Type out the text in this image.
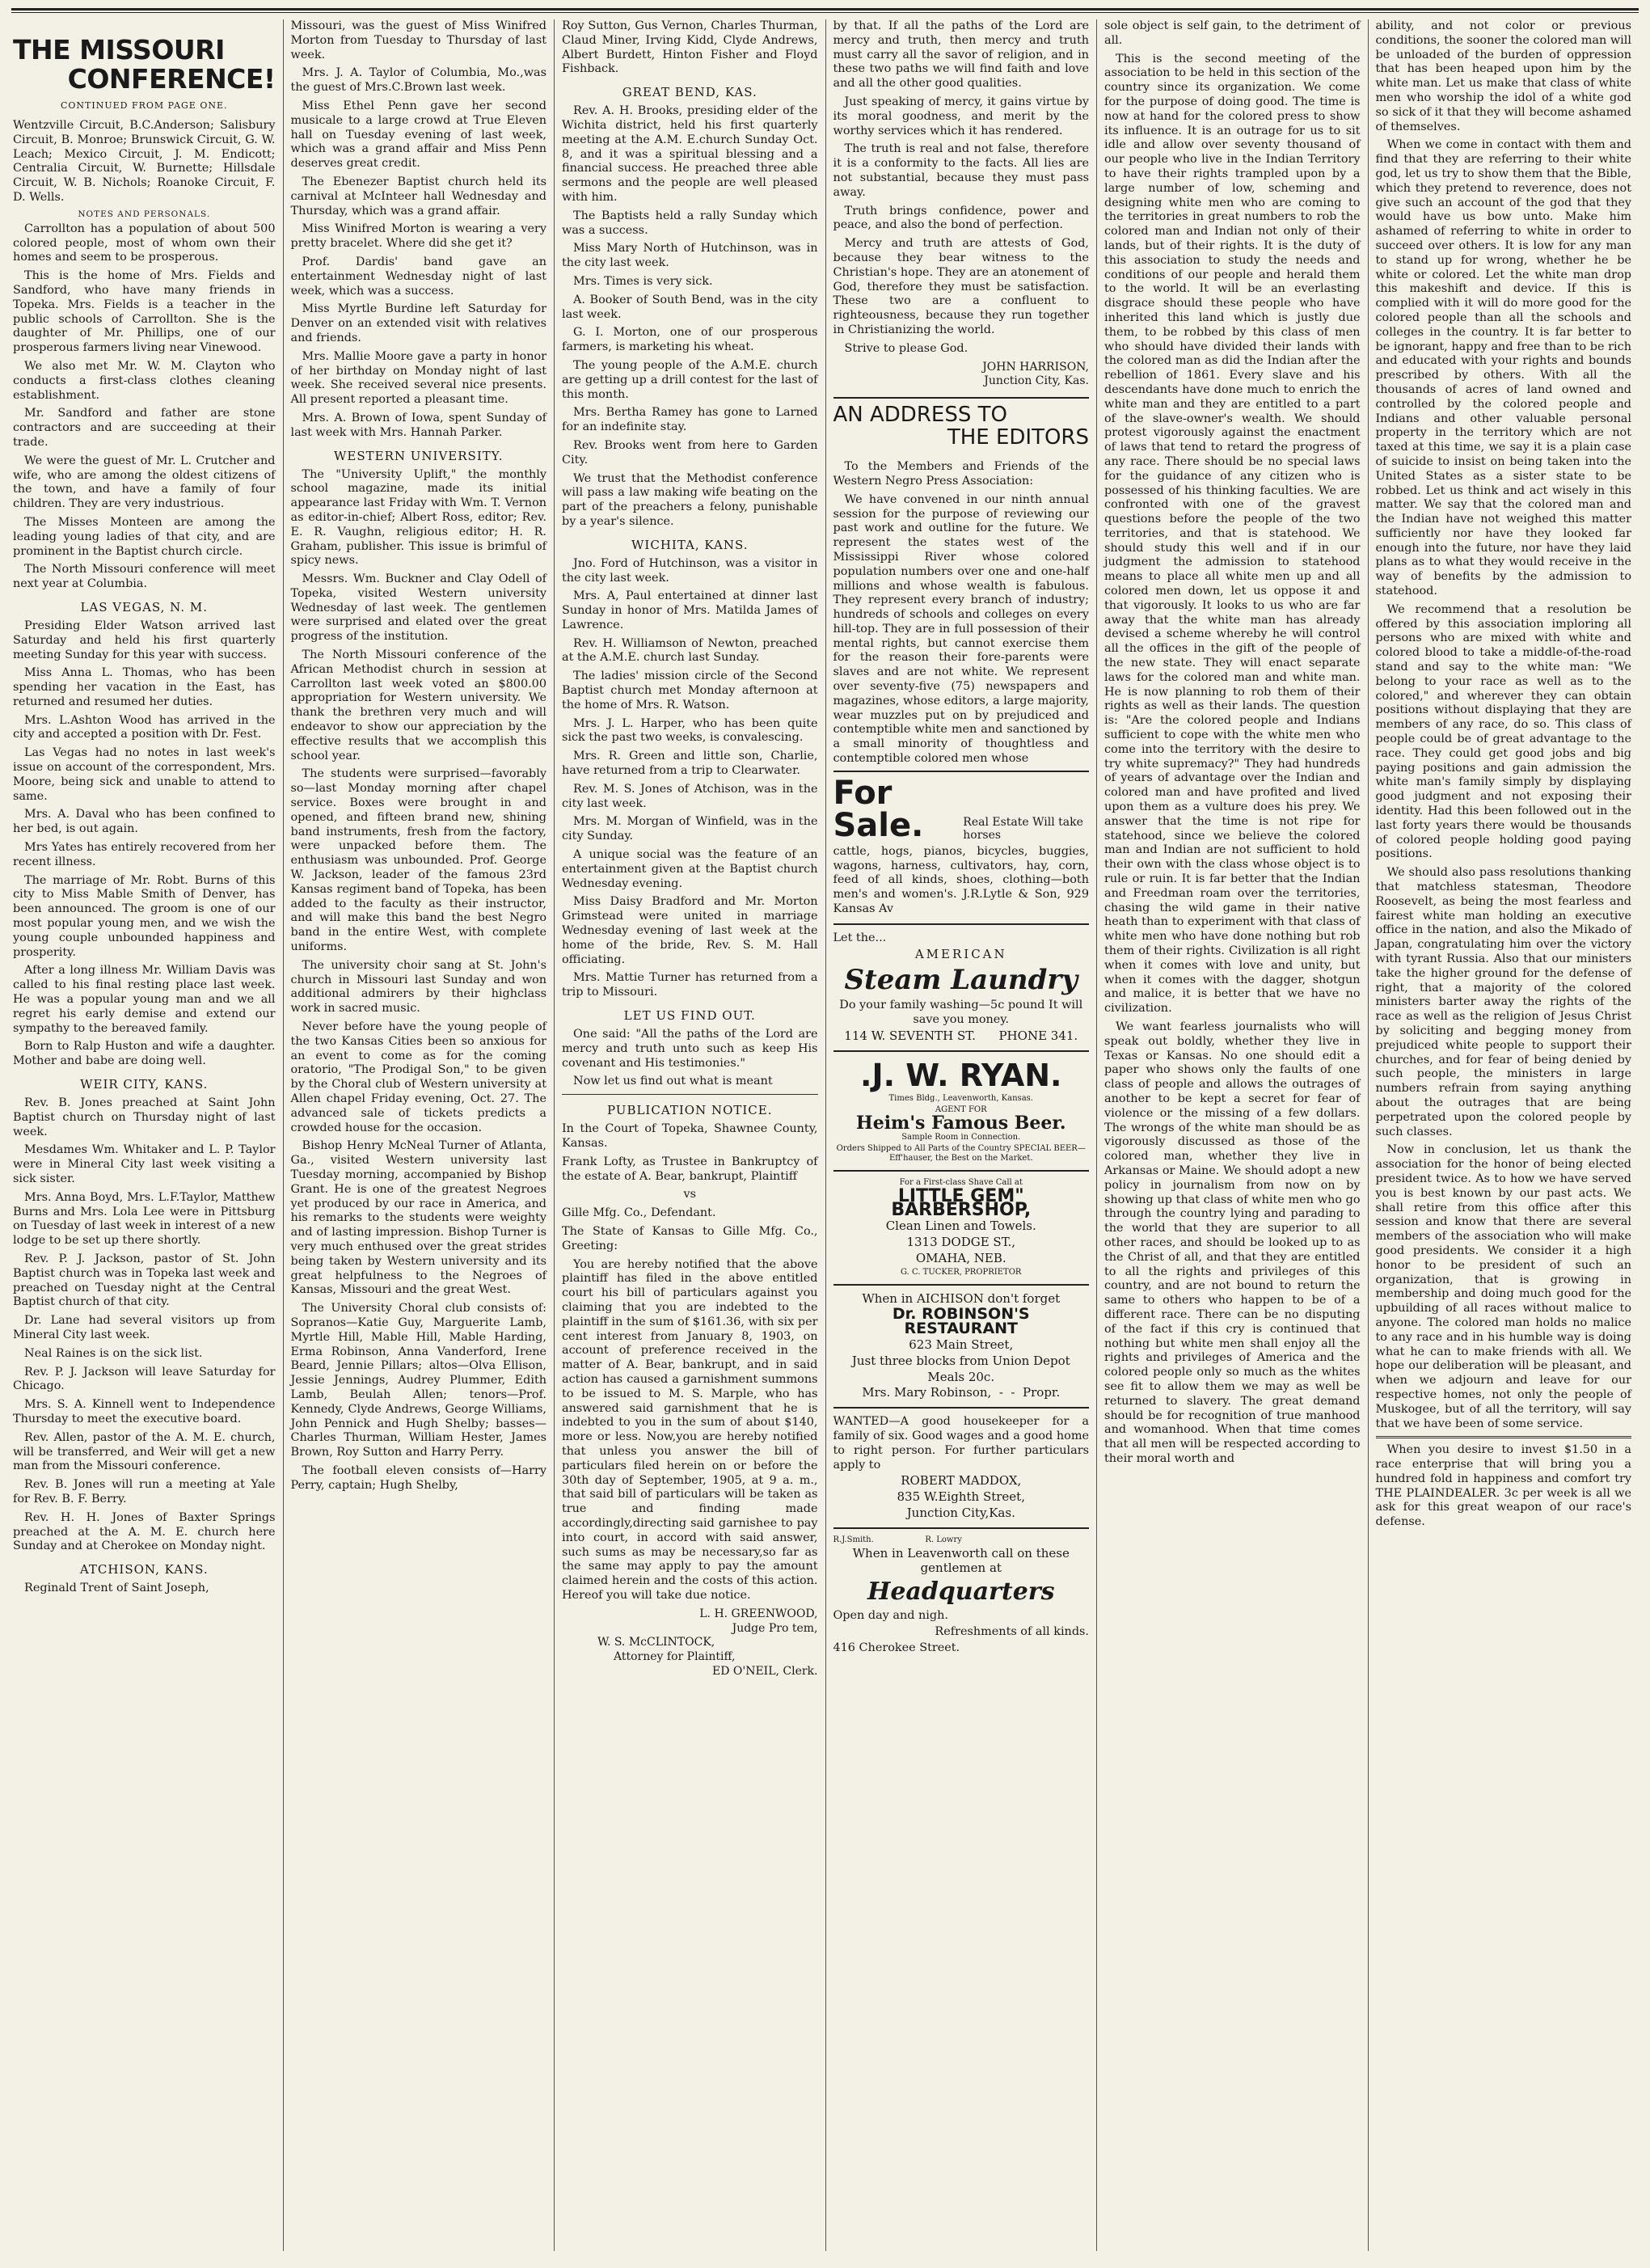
THE MISSOURI
CONFERENCE!
CONTINUED FROM PAGE ONE.

Wentzville Circuit, B.C.Anderson; Salisbury Circuit, B. Monroe; Brunswick Circuit, G. W. Leach; Mexico Circuit, J. M. Endicott; Centralia Circuit, W. Burnette; Hillsdale Circuit, W. B. Nichols; Roanoke Circuit, F. D. Wells.

NOTES AND PERSONALS.

Carrollton has a population of about 500 colored people, most of whom own their homes and seem to be prosperous.

This is the home of Mrs. Fields and Sandford, who have many friends in Topeka. Mrs. Fields is a teacher in the public schools of Carrollton. She is the daughter of Mr. Phillips, one of our prosperous farmers living near Vinewood.

We also met Mr. W. M. Clayton who conducts a first-class clothes cleaning establishment.

Mr. Sandford and father are stone contractors and are succeeding at their trade.

We were the guest of Mr. L. Crutcher and wife, who are among the oldest citizens of the town, and have a family of four children. They are very industrious.

The Misses Monteen are among the leading young ladies of that city, and are prominent in the Baptist church circle.

The North Missouri conference will meet next year at Columbia.

LAS VEGAS, N. M.

Presiding Elder Watson arrived last Saturday and held his first quarterly meeting Sunday for this year with success.

Miss Anna L. Thomas, who has been spending her vacation in the East, has returned and resumed her duties.

Mrs. L.Ashton Wood has arrived in the city and accepted a position with Dr. Fest.

Las Vegas had no notes in last week's issue on account of the correspondent, Mrs. Moore, being sick and unable to attend to same.

Mrs. A. Daval who has been confined to her bed, is out again.

Mrs Yates has entirely recovered from her recent illness.

The marriage of Mr. Robt. Burns of this city to Miss Mable Smith of Denver, has been announced. The groom is one of our most popular young men, and we wish the young couple unbounded happiness and prosperity.

After a long illness Mr. William Davis was called to his final resting place last week. He was a popular young man and we all regret his early demise and extend our sympathy to the bereaved family.

Born to Ralp Huston and wife a daughter. Mother and babe are doing well.

WEIR CITY, KANS.

Rev. B. Jones preached at Saint John Baptist church on Thursday night of last week.

Mesdames Wm. Whitaker and L. P. Taylor were in Mineral City last week visiting a sick sister.

Mrs. Anna Boyd, Mrs. L.F.Taylor, Matthew Burns and Mrs. Lola Lee were in Pittsburg on Tuesday of last week in interest of a new lodge to be set up there shortly.

Rev. P. J. Jackson, pastor of St. John Baptist church was in Topeka last week and preached on Tuesday night at the Central Baptist church of that city.

Dr. Lane had several visitors up from Mineral City last week.

Neal Raines is on the sick list.

Rev. P. J. Jackson will leave Saturday for Chicago.

Mrs. S. A. Kinnell went to Independence Thursday to meet the executive board.

Rev. Allen, pastor of the A. M. E. church, will be transferred, and Weir will get a new man from the Missouri conference.

Rev. B. Jones will run a meeting at Yale for Rev. B. F. Berry.

Rev. H. H. Jones of Baxter Springs preached at the A. M. E. church here Sunday and at Cherokee on Monday night.

ATCHISON, KANS.

Reginald Trent of Saint Joseph,

Missouri, was the guest of Miss Winifred Morton from Tuesday to Thursday of last week.

Mrs. J. A. Taylor of Columbia, Mo.,was the guest of Mrs.C.Brown last week.

Miss Ethel Penn gave her second musicale to a large crowd at True Eleven hall on Tuesday evening of last week, which was a grand affair and Miss Penn deserves great credit.

The Ebenezer Baptist church held its carnival at McInteer hall Wednesday and Thursday, which was a grand affair.

Miss Winifred Morton is wearing a very pretty bracelet. Where did she get it?

Prof. Dardis' band gave an entertainment Wednesday night of last week, which was a success.

Miss Myrtle Burdine left Saturday for Denver on an extended visit with relatives and friends.

Mrs. Mallie Moore gave a party in honor of her birthday on Monday night of last week. She received several nice presents. All present reported a pleasant time.

Mrs. A. Brown of Iowa, spent Sunday of last week with Mrs. Hannah Parker.

WESTERN UNIVERSITY.

The "University Uplift," the monthly school magazine, made its initial appearance last Friday with Wm. T. Vernon as editor-in-chief; Albert Ross, editor; Rev. E. R. Vaughn, religious editor; H. R. Graham, publisher. This issue is brimful of spicy news.

Messrs. Wm. Buckner and Clay Odell of Topeka, visited Western university Wednesday of last week. The gentlemen were surprised and elated over the great progress of the institution.

The North Missouri conference of the African Methodist church in session at Carrollton last week voted an $800.00 appropriation for Western university. We thank the brethren very much and will endeavor to show our appreciation by the effective results that we accomplish this school year.

The students were surprised—favorably so—last Monday morning after chapel service. Boxes were brought in and opened, and fifteen brand new, shining band instruments, fresh from the factory, were unpacked before them. The enthusiasm was unbounded. Prof. George W. Jackson, leader of the famous 23rd Kansas regiment band of Topeka, has been added to the faculty as their instructor, and will make this band the best Negro band in the entire West, with complete uniforms.

The university choir sang at St. John's church in Missouri last Sunday and won additional admirers by their highclass work in sacred music.

Never before have the young people of the two Kansas Cities been so anxious for an event to come as for the coming oratorio, "The Prodigal Son," to be given by the Choral club of Western university at Allen chapel Friday evening, Oct. 27. The advanced sale of tickets predicts a crowded house for the occasion.

Bishop Henry McNeal Turner of Atlanta, Ga., visited Western university last Tuesday morning, accompanied by Bishop Grant. He is one of the greatest Negroes yet produced by our race in America, and his remarks to the students were weighty and of lasting impression. Bishop Turner is very much enthused over the great strides being taken by Western university and its great helpfulness to the Negroes of Kansas, Missouri and the great West.

The University Choral club consists of: Sopranos—Katie Guy, Marguerite Lamb, Myrtle Hill, Mable Hill, Mable Harding, Erma Robinson, Anna Vanderford, Irene Beard, Jennie Pillars; altos—Olva Ellison, Jessie Jennings, Audrey Plummer, Edith Lamb, Beulah Allen; tenors—Prof. Kennedy, Clyde Andrews, George Williams, John Pennick and Hugh Shelby; basses—Charles Thurman, William Hester, James Brown, Roy Sutton and Harry Perry.

The football eleven consists of—Harry Perry, captain; Hugh Shelby,

Roy Sutton, Gus Vernon, Charles Thurman, Claud Miner, Irving Kidd, Clyde Andrews, Albert Burdett, Hinton Fisher and Floyd Fishback.

GREAT BEND, KAS.

Rev. A. H. Brooks, presiding elder of the Wichita district, held his first quarterly meeting at the A.M. E.church Sunday Oct. 8, and it was a spiritual blessing and a financial success. He preached three able sermons and the people are well pleased with him.

The Baptists held a rally Sunday which was a success.

Miss Mary North of Hutchinson, was in the city last week.

Mrs. Times is very sick.

A. Booker of South Bend, was in the city last week.

G. I. Morton, one of our prosperous farmers, is marketing his wheat.

The young people of the A.M.E. church are getting up a drill contest for the last of this month.

Mrs. Bertha Ramey has gone to Larned for an indefinite stay.

Rev. Brooks went from here to Garden City.

We trust that the Methodist conference will pass a law making wife beating on the part of the preachers a felony, punishable by a year's silence.

WICHITA, KANS.

Jno. Ford of Hutchinson, was a visitor in the city last week.

Mrs. A, Paul entertained at dinner last Sunday in honor of Mrs. Matilda James of Lawrence.

Rev. H. Williamson of Newton, preached at the A.M.E. church last Sunday.

The ladies' mission circle of the Second Baptist church met Monday afternoon at the home of Mrs. R. Watson.

Mrs. J. L. Harper, who has been quite sick the past two weeks, is convalescing.

Mrs. R. Green and little son, Charlie, have returned from a trip to Clearwater.

Rev. M. S. Jones of Atchison, was in the city last week.

Mrs. M. Morgan of Winfield, was in the city Sunday.

A unique social was the feature of an entertainment given at the Baptist church Wednesday evening.

Miss Daisy Bradford and Mr. Morton Grimstead were united in marriage Wednesday evening of last week at the home of the bride, Rev. S. M. Hall officiating.

Mrs. Mattie Turner has returned from a trip to Missouri.

LET US FIND OUT.

One said: "All the paths of the Lord are mercy and truth unto such as keep His covenant and His testimonies."

Now let us find out what is meant

PUBLICATION NOTICE.

In the Court of Topeka, Shawnee County, Kansas.

Frank Lofty, as Trustee in Bankruptcy of the estate of A. Bear, bankrupt, Plaintiff

vs

Gille Mfg. Co., Defendant.

The State of Kansas to Gille Mfg. Co., Greeting:

You are hereby notified that the above plaintiff has filed in the above entitled court his bill of particulars against you claiming that you are indebted to the plaintiff in the sum of $161.36, with six per cent interest from January 8, 1903, on account of preference received in the matter of A. Bear, bankrupt, and in said action has caused a garnishment summons to be issued to M. S. Marple, who has answered said garnishment that he is indebted to you in the sum of about $140, more or less. Now,you are hereby notified that unless you answer the bill of particulars filed herein on or before the 30th day of September, 1905, at 9 a. m., that said bill of particulars will be taken as true and finding made accordingly,directing said garnishee to pay into court, in accord with said answer, such sums as may be necessary,so far as the same may apply to pay the amount claimed herein and the costs of this action. Hereof you will take due notice.

L. H. GREENWOOD,

Judge Pro tem,

W. S. McCLINTOCK,

Attorney for Plaintiff,

ED O'NEIL, Clerk.

by that. If all the paths of the Lord are mercy and truth, then mercy and truth must carry all the savor of religion, and in these two paths we will find faith and love and all the other good qualities.

Just speaking of mercy, it gains virtue by its moral goodness, and merit by the worthy services which it has rendered.

The truth is real and not false, therefore it is a conformity to the facts. All lies are not substantial, because they must pass away.

Truth brings confidence, power and peace, and also the bond of perfection.

Mercy and truth are attests of God, because they bear witness to the Christian's hope. They are an atonement of God, therefore they must be satisfaction. These two are a confluent to righteousness, because they run together in Christianizing the world.

Strive to please God.

JOHN HARRISON,

Junction City, Kas.

AN ADDRESS TO
THE EDITORS

To the Members and Friends of the Western Negro Press Association:

We have convened in our ninth annual session for the purpose of reviewing our past work and outline for the future. We represent the states west of the Mississippi River whose colored population numbers over one and one-half millions and whose wealth is fabulous. They represent every branch of industry; hundreds of schools and colleges on every hill-top. They are in full possession of their mental rights, but cannot exercise them for the reason their fore-parents were slaves and are not white. We represent over seventy-five (75) newspapers and magazines, whose editors, a large majority, wear muzzles put on by prejudiced and contemptible white men and sanctioned by a small minority of thoughtless and contemptible colored men whose

For Sale.	Real Estate Will take horses

cattle, hogs, pianos, bicycles, buggies, wagons, harness, cultivators, hay, corn, feed of all kinds, shoes, clothing—both men's and women's. J.R.Lytle & Son, 929 Kansas Av

Let the...

AMERICAN

Steam Laundry

Do your family washing—5c pound It will save you money.

114 W. SEVENTH ST.      PHONE 341.

.J. W. RYAN.

Times Bldg., Leavenworth, Kansas.

AGENT FOR

Heim's Famous Beer.

Sample Room in Connection.

Orders Shipped to All Parts of the Country SPECIAL BEER—Eff'hauser, the Best on the Market.

For a First-class Shave Call at

LITTLE GEM" BARBERSHOP,

Clean Linen and Towels.

1313 DODGE ST.,

OMAHA, NEB.

G. C. TUCKER, PROPRIETOR

When in AICHISON don't forget

Dr. ROBINSON'S RESTAURANT

623 Main Street,

Just three blocks from Union Depot

Meals 20c.

Mrs. Mary Robinson,  -  -  Propr.

WANTED—A good housekeeper for a family of six. Good wages and a good home to right person. For further particulars apply to

ROBERT MADDOX,

835 W.Eighth Street,

Junction City,Kas.

R.J.Smith.                    R. Lowry

When in Leavenworth call on these gentlemen at

Headquarters

Open day and nigh.

Refreshments of all kinds.

416 Cherokee Street.

sole object is self gain, to the detriment of all.

This is the second meeting of the association to be held in this section of the country since its organization. We come for the purpose of doing good. The time is now at hand for the colored press to show its influence. It is an outrage for us to sit idle and allow over seventy thousand of our people who live in the Indian Territory to have their rights trampled upon by a large number of low, scheming and designing white men who are coming to the territories in great numbers to rob the colored man and Indian not only of their lands, but of their rights. It is the duty of this association to study the needs and conditions of our people and herald them to the world. It will be an everlasting disgrace should these people who have inherited this land which is justly due them, to be robbed by this class of men who should have divided their lands with the colored man as did the Indian after the rebellion of 1861. Every slave and his descendants have done much to enrich the white man and they are entitled to a part of the slave-owner's wealth. We should protest vigorously against the enactment of laws that tend to retard the progress of any race. There should be no special laws for the guidance of any citizen who is possessed of his thinking faculties. We are confronted with one of the gravest questions before the people of the two territories, and that is statehood. We should study this well and if in our judgment the admission to statehood means to place all white men up and all colored men down, let us oppose it and that vigorously. It looks to us who are far away that the white man has already devised a scheme whereby he will control all the offices in the gift of the people of the new state. They will enact separate laws for the colored man and white man. He is now planning to rob them of their rights as well as their lands. The question is: "Are the colored people and Indians sufficient to cope with the white men who come into the territory with the desire to try white supremacy?" They had hundreds of years of advantage over the Indian and colored man and have profited and lived upon them as a vulture does his prey. We answer that the time is not ripe for statehood, since we believe the colored man and Indian are not sufficient to hold their own with the class whose object is to rule or ruin. It is far better that the Indian and Freedman roam over the territories, chasing the wild game in their native heath than to experiment with that class of white men who have done nothing but rob them of their rights. Civilization is all right when it comes with love and unity, but when it comes with the dagger, shotgun and malice, it is better that we have no civilization.

We want fearless journalists who will speak out boldly, whether they live in Texas or Kansas. No one should edit a paper who shows only the faults of one class of people and allows the outrages of another to be kept a secret for fear of violence or the missing of a few dollars. The wrongs of the white man should be as vigorously discussed as those of the colored man, whether they live in Arkansas or Maine. We should adopt a new policy in journalism from now on by showing up that class of white men who go through the country lying and parading to the world that they are superior to all other races, and should be looked up to as the Christ of all, and that they are entitled to all the rights and privileges of this country, and are not bound to return the same to others who happen to be of a different race. There can be no disputing of the fact if this cry is continued that nothing but white men shall enjoy all the rights and privileges of America and the colored people only so much as the whites see fit to allow them we may as well be returned to slavery. The great demand should be for recognition of true manhood and womanhood. When that time comes that all men will be respected according to their moral worth and

ability, and not color or previous conditions, the sooner the colored man will be unloaded of the burden of oppression that has been heaped upon him by the white man. Let us make that class of white men who worship the idol of a white god so sick of it that they will become ashamed of themselves.

When we come in contact with them and find that they are referring to their white god, let us try to show them that the Bible, which they pretend to reverence, does not give such an account of the god that they would have us bow unto. Make him ashamed of referring to white in order to succeed over others. It is low for any man to stand up for wrong, whether he be white or colored. Let the white man drop this makeshift and device. If this is complied with it will do more good for the colored people than all the schools and colleges in the country. It is far better to be ignorant, happy and free than to be rich and educated with your rights and bounds prescribed by others. With all the thousands of acres of land owned and controlled by the colored people and Indians and other valuable personal property in the territory which are not taxed at this time, we say it is a plain case of suicide to insist on being taken into the United States as a sister state to be robbed. Let us think and act wisely in this matter. We say that the colored man and the Indian have not weighed this matter sufficiently nor have they looked far enough into the future, nor have they laid plans as to what they would receive in the way of benefits by the admission to statehood.

We recommend that a resolution be offered by this association imploring all persons who are mixed with white and colored blood to take a middle-of-the-road stand and say to the white man: "We belong to your race as well as to the colored," and wherever they can obtain positions without displaying that they are members of any race, do so. This class of people could be of great advantage to the race. They could get good jobs and big paying positions and gain admission the white man's family simply by displaying good judgment and not exposing their identity. Had this been followed out in the last forty years there would be thousands of colored people holding good paying positions.

We should also pass resolutions thanking that matchless statesman, Theodore Roosevelt, as being the most fearless and fairest white man holding an executive office in the nation, and also the Mikado of Japan, congratulating him over the victory with tyrant Russia. Also that our ministers take the higher ground for the defense of right, that a majority of the colored ministers barter away the rights of the race as well as the religion of Jesus Christ by soliciting and begging money from prejudiced white people to support their churches, and for fear of being denied by such people, the ministers in large numbers refrain from saying anything about the outrages that are being perpetrated upon the colored people by such classes.

Now in conclusion, let us thank the association for the honor of being elected president twice. As to how we have served you is best known by our past acts. We shall retire from this office after this session and know that there are several members of the association who will make good presidents. We consider it a high honor to be president of such an organization, that is growing in membership and doing much good for the upbuilding of all races without malice to anyone. The colored man holds no malice to any race and in his humble way is doing what he can to make friends with all. We hope our deliberation will be pleasant, and when we adjourn and leave for our respective homes, not only the people of Muskogee, but of all the territory, will say that we have been of some service.

When you desire to invest $1.50 in a race enterprise that will bring you a hundred fold in happiness and comfort try THE PLAINDEALER. 3c per week is all we ask for this great weapon of our race's defense.
